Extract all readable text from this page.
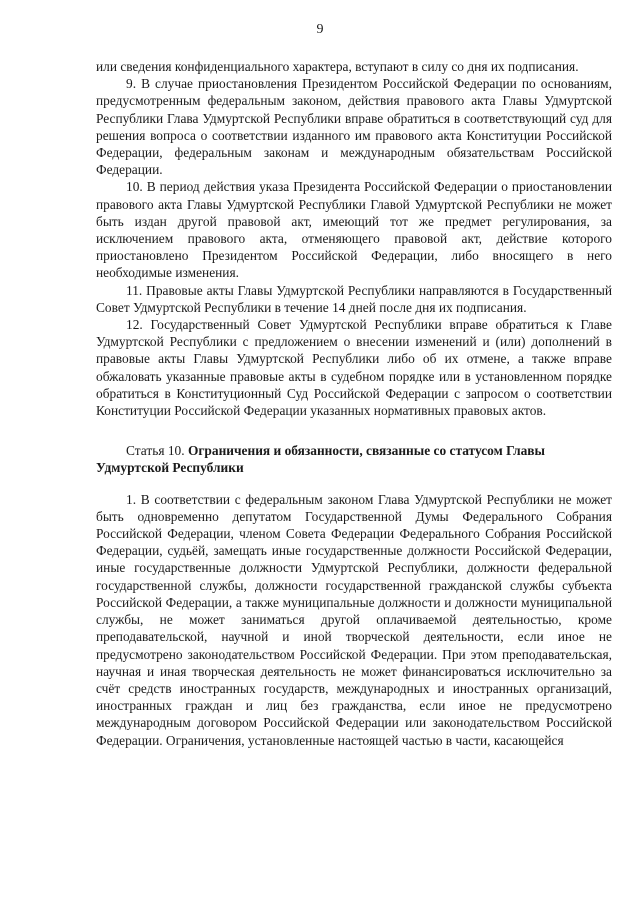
9

или сведения конфиденциального характера, вступают в силу со дня их подписания.

9. В случае приостановления Президентом Российской Федерации по основаниям, предусмотренным федеральным законом, действия правового акта Главы Удмуртской Республики Глава Удмуртской Республики вправе обратиться в соответствующий суд для решения вопроса о соответствии изданного им правового акта Конституции Российской Федерации, федеральным законам и международным обязательствам Российской Федерации.

10. В период действия указа Президента Российской Федерации о приостановлении правового акта Главы Удмуртской Республики Главой Удмуртской Республики не может быть издан другой правовой акт, имеющий тот же предмет регулирования, за исключением правового акта, отменяющего правовой акт, действие которого приостановлено Президентом Российской Федерации, либо вносящего в него необходимые изменения.

11. Правовые акты Главы Удмуртской Республики направляются в Государственный Совет Удмуртской Республики в течение 14 дней после дня их подписания.

12. Государственный Совет Удмуртской Республики вправе обратиться к Главе Удмуртской Республики с предложением о внесении изменений и (или) дополнений в правовые акты Главы Удмуртской Республики либо об их отмене, а также вправе обжаловать указанные правовые акты в судебном порядке или в установленном порядке обратиться в Конституционный Суд Российской Федерации с запросом о соответствии Конституции Российской Федерации указанных нормативных правовых актов.

Статья 10. Ограничения и обязанности, связанные со статусом Главы

Удмуртской Республики

1. В соответствии с федеральным законом Глава Удмуртской Республики не может быть одновременно депутатом Государственной Думы Федерального Собрания Российской Федерации, членом Совета Федерации Федерального Собрания Российской Федерации, судьёй, замещать иные государственные должности Российской Федерации, иные государственные должности Удмуртской Республики, должности федеральной государственной службы, должности государственной гражданской службы субъекта Российской Федерации, а также муниципальные должности и должности муниципальной службы, не может заниматься другой оплачиваемой деятельностью, кроме преподавательской, научной и иной творческой деятельности, если иное не предусмотрено законодательством Российской Федерации. При этом преподавательская, научная и иная творческая деятельность не может финансироваться исключительно за счёт средств иностранных государств, международных и иностранных организаций, иностранных граждан и лиц без гражданства, если иное не предусмотрено международным договором Российской Федерации или законодательством Российской Федерации. Ограничения, установленные настоящей частью в части, касающейся
